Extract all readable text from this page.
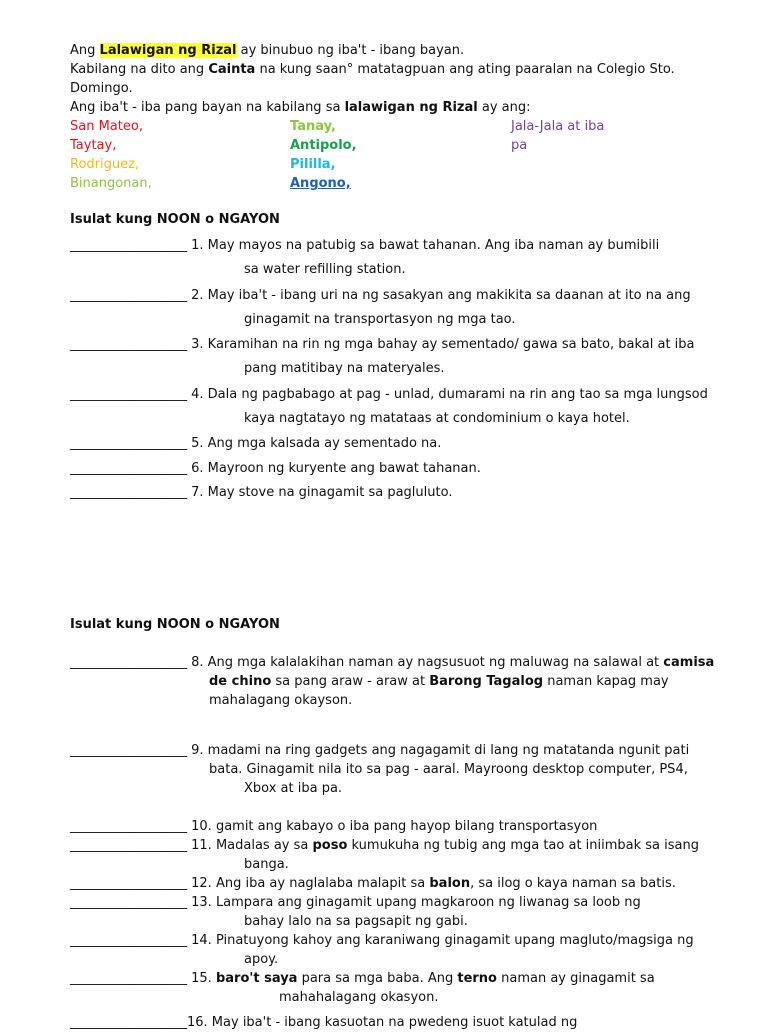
Ang Lalawigan ng Rizal ay binubuo ng iba't - ibang bayan.
Kabilang na dito ang Cainta na kung saan° matatagpuan ang ating paaralan na Colegio Sto.
Domingo.
Ang iba't - iba pang bayan na kabilang sa lalawigan ng Rizal ay ang:
San Mateo,
Taytay,
Rodriguez,
Binangonan,
Tanay,
Antipolo,
Pililla,
Angono,
Jala-Jala at iba
pa
Isulat kung NOON o NGAYON
__________________ 1. May mayos na patubig sa bawat tahanan. Ang iba naman ay bumibili
sa water refilling station.
__________________ 2. May iba't - ibang uri na ng sasakyan ang makikita sa daanan at ito na ang
ginagamit na transportasyon ng mga tao.
__________________ 3. Karamihan na rin ng mga bahay ay sementado/ gawa sa bato, bakal at iba
pang matitibay na materyales.
__________________ 4. Dala ng pagbabago at pag - unlad, dumarami na rin ang tao sa mga lungsod
kaya nagtatayo ng matataas at condominium o kaya hotel.
__________________ 5. Ang mga kalsada ay sementado na.
__________________ 6. Mayroon ng kuryente ang bawat tahanan.
__________________ 7. May stove na ginagamit sa pagluluto.
Isulat kung NOON o NGAYON
__________________ 8. Ang mga kalalakihan naman ay nagsusuot ng maluwag na salawal at camisa
de chino sa pang araw - araw at Barong Tagalog naman kapag may
mahalagang okayson.
__________________ 9. madami na ring gadgets ang nagagamit di lang ng matatanda ngunit pati
bata. Ginagamit nila ito sa pag - aaral. Mayroong desktop computer, PS4,
Xbox at iba pa.
__________________ 10. gamit ang kabayo o iba pang hayop bilang transportasyon
__________________ 11. Madalas ay sa poso kumukuha ng tubig ang mga tao at iniimbak sa isang
banga.
__________________ 12. Ang iba ay naglalaba malapit sa balon, sa ilog o kaya naman sa batis.
__________________ 13. Lampara ang ginagamit upang magkaroon ng liwanag sa loob ng
bahay lalo na sa pagsapit ng gabi.
__________________ 14. Pinatuyong kahoy ang karaniwang ginagamit upang magluto/magsiga ng
apoy.
__________________ 15. baro't saya para sa mga baba. Ang terno naman ay ginagamit sa
mahahalagang okasyon.
__________________16. May iba't - ibang kasuotan na pwedeng isuot katulad ng
